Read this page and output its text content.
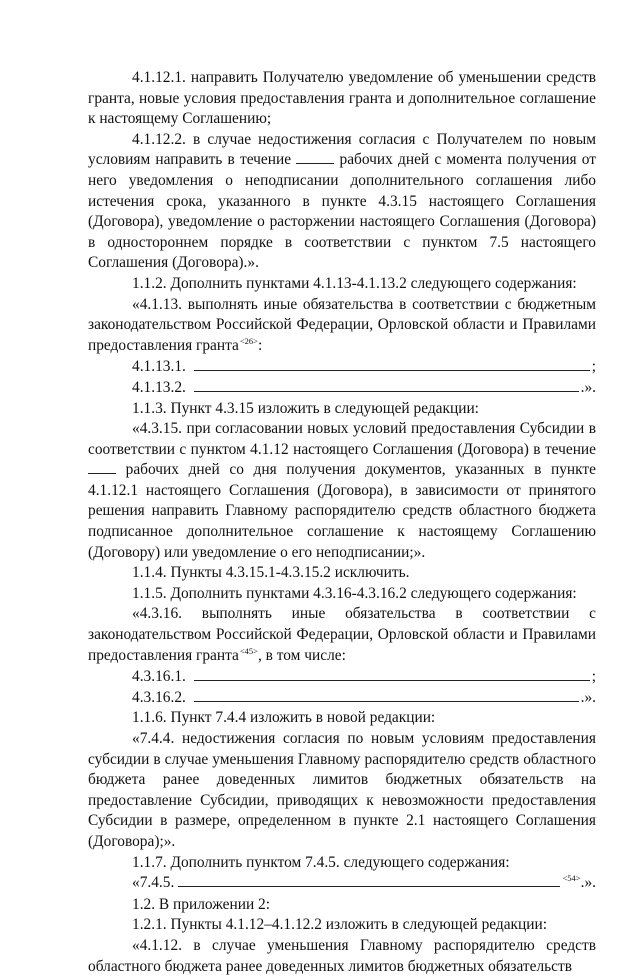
4.1.12.1. направить Получателю уведомление об уменьшении средств гранта, новые условия предоставления гранта и дополнительное соглашение к настоящему Соглашению;

4.1.12.2. в случае недостижения согласия с Получателем по новым условиям направить в течение  рабочих дней с момента получения от него уведомления о неподписании дополнительного соглашения либо истечения срока, указанного в пункте 4.3.15 настоящего Соглашения (Договора), уведомление о расторжении настоящего Соглашения (Договора) в одностороннем порядке в соответствии с пунктом 7.5 настоящего Соглашения (Договора).».

1.1.2. Дополнить пунктами 4.1.13-4.1.13.2 следующего содержания:

«4.1.13. выполнять иные обязательства в соответствии с бюджетным законодательством Российской Федерации, Орловской области и Правилами предоставления гранта$^{<26>}$:

4.1.13.1.	;
4.1.13.2.	.».

1.1.3. Пункт 4.3.15 изложить в следующей редакции:

«4.3.15. при согласовании новых условий предоставления Субсидии в соответствии с пунктом 4.1.12 настоящего Соглашения (Договора) в течение  рабочих дней со дня получения документов, указанных в пункте 4.1.12.1 настоящего Соглашения (Договора), в зависимости от принятого решения направить Главному распорядителю средств областного бюджета подписанное дополнительное соглашение к настоящему Соглашению (Договору) или уведомление о его неподписании;».

1.1.4. Пункты 4.3.15.1-4.3.15.2 исключить.

1.1.5. Дополнить пунктами 4.3.16-4.3.16.2 следующего содержания:

«4.3.16. выполнять иные обязательства в соответствии с законодательством Российской Федерации, Орловской области и Правилами предоставления гранта$^{<45>}$, в том числе:

4.3.16.1.	;
4.3.16.2.	.».

1.1.6. Пункт 7.4.4 изложить в новой редакции:

«7.4.4. недостижения согласия по новым условиям предоставления субсидии в случае уменьшения Главному распорядителю средств областного бюджета ранее доведенных лимитов бюджетных обязательств на предоставление Субсидии, приводящих к невозможности предоставления Субсидии в размере, определенном в пункте 2.1 настоящего Соглашения (Договора);».

1.1.7. Дополнить пунктом 7.4.5. следующего содержания:

«7.4.5.	$^{<54>}$.».

1.2. В приложении 2:

1.2.1. Пункты 4.1.12–4.1.12.2 изложить в следующей редакции:

«4.1.12. в случае уменьшения Главному распорядителю средств областного бюджета ранее доведенных лимитов бюджетных обязательств
